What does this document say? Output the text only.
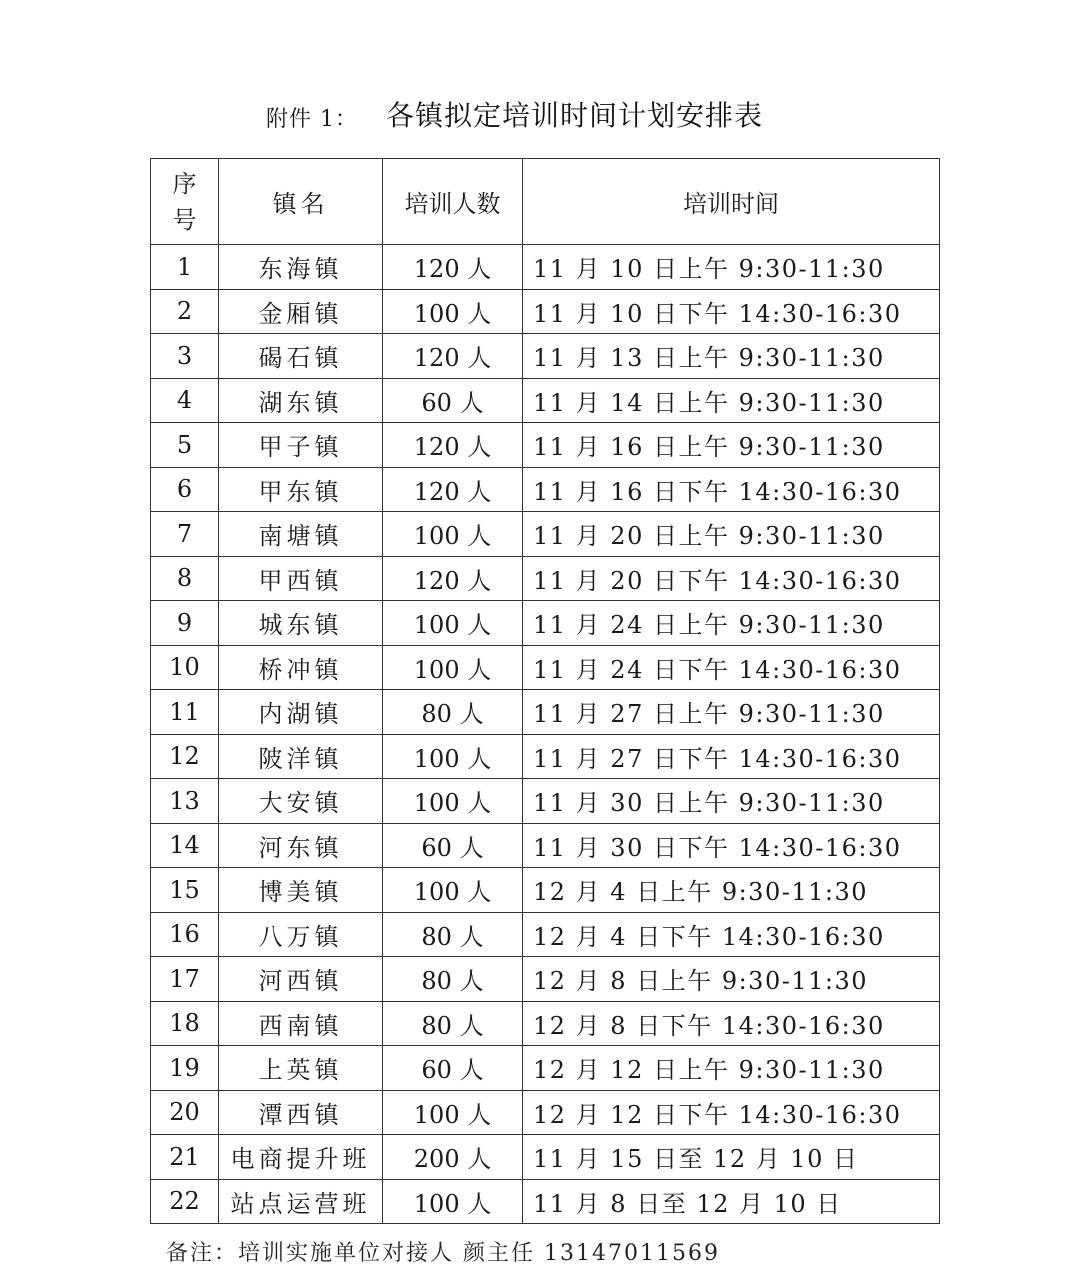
附件 1： 各镇拟定培训时间计划安排表
序号	镇名	培训人数	培训时间
1	东海镇	120 人	11 月 10 日上午 9:30-11:30
2	金厢镇	100 人	11 月 10 日下午 14:30-16:30
3	碣石镇	120 人	11 月 13 日上午 9:30-11:30
4	湖东镇	60 人	11 月 14 日上午 9:30-11:30
5	甲子镇	120 人	11 月 16 日上午 9:30-11:30
6	甲东镇	120 人	11 月 16 日下午 14:30-16:30
7	南塘镇	100 人	11 月 20 日上午 9:30-11:30
8	甲西镇	120 人	11 月 20 日下午 14:30-16:30
9	城东镇	100 人	11 月 24 日上午 9:30-11:30
10	桥冲镇	100 人	11 月 24 日下午 14:30-16:30
11	内湖镇	80 人	11 月 27 日上午 9:30-11:30
12	陂洋镇	100 人	11 月 27 日下午 14:30-16:30
13	大安镇	100 人	11 月 30 日上午 9:30-11:30
14	河东镇	60 人	11 月 30 日下午 14:30-16:30
15	博美镇	100 人	12 月 4 日上午 9:30-11:30
16	八万镇	80 人	12 月 4 日下午 14:30-16:30
17	河西镇	80 人	12 月 8 日上午 9:30-11:30
18	西南镇	80 人	12 月 8 日下午 14:30-16:30
19	上英镇	60 人	12 月 12 日上午 9:30-11:30
20	潭西镇	100 人	12 月 12 日下午 14:30-16:30
21	电商提升班	200 人	11 月 15 日至 12 月 10 日
22	站点运营班	100 人	11 月 8 日至 12 月 10 日
备注：培训实施单位对接人 颜主任 13147011569
